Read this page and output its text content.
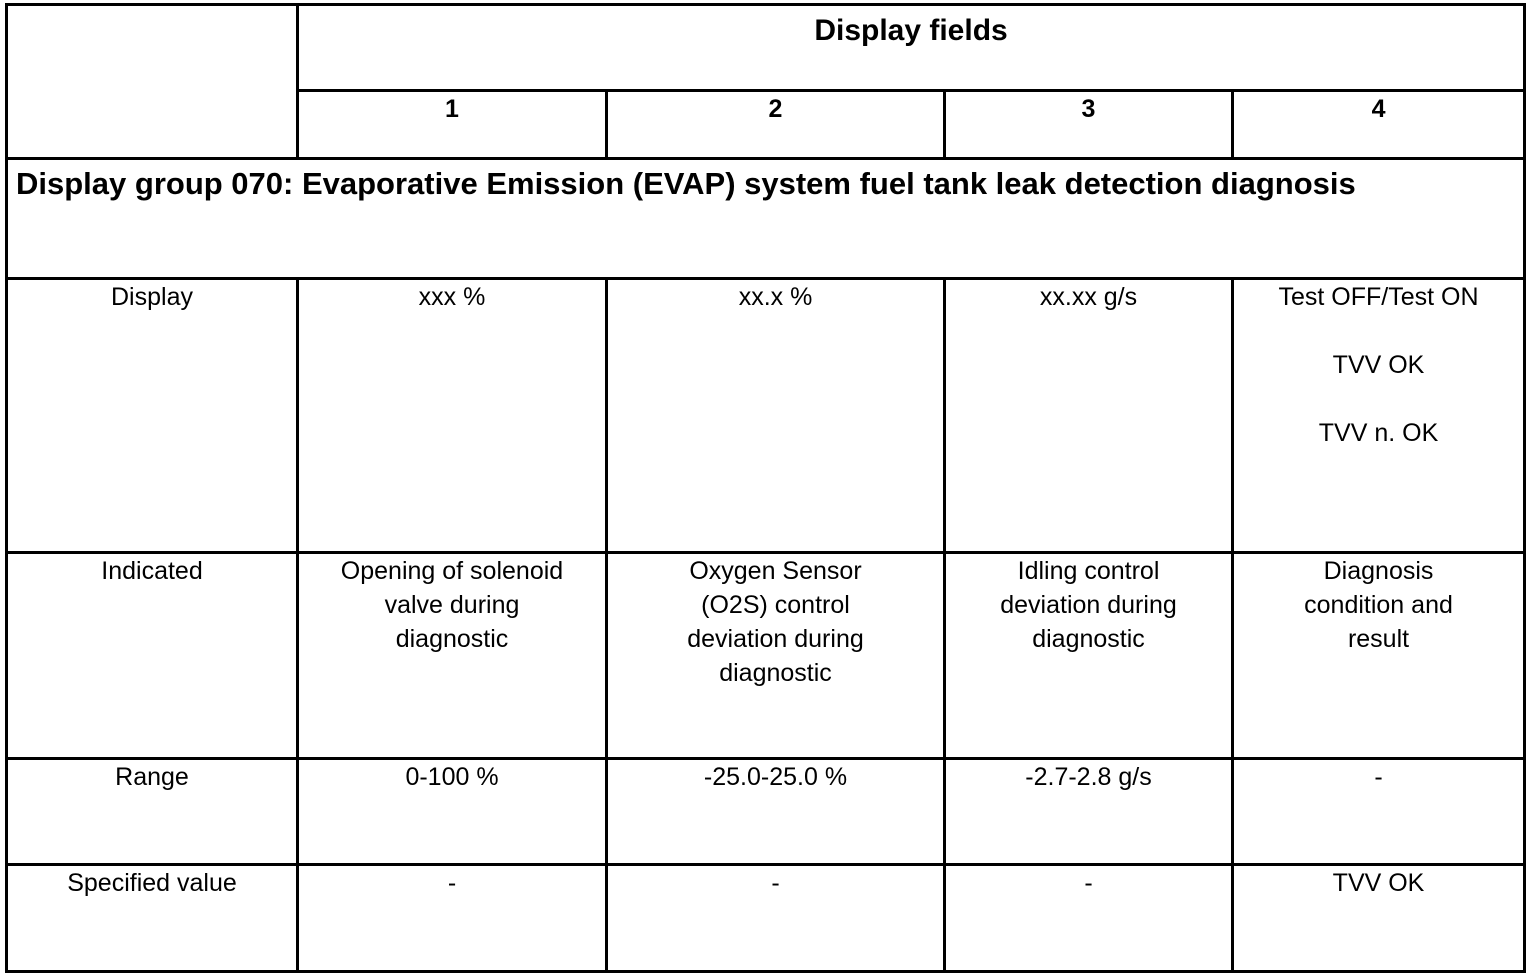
	Display fields			
	1	2	3	4
Display group 070: Evaporative Emission (EVAP) system fuel tank leak detection diagnosis				
Display	xxx %	xx.x %	xx.xx g/s	Test OFF/Test ON
TVV OK
TVV n. OK

Indicated	Opening of solenoid valve during diagnostic	Oxygen Sensor (O2S) control deviation during diagnostic	Idling control deviation during diagnostic	Diagnosis condition and result
Range	0-100 %	-25.0-25.0 %	-2.7-2.8 g/s	-
Specified value	-	-	-	TVV OK
